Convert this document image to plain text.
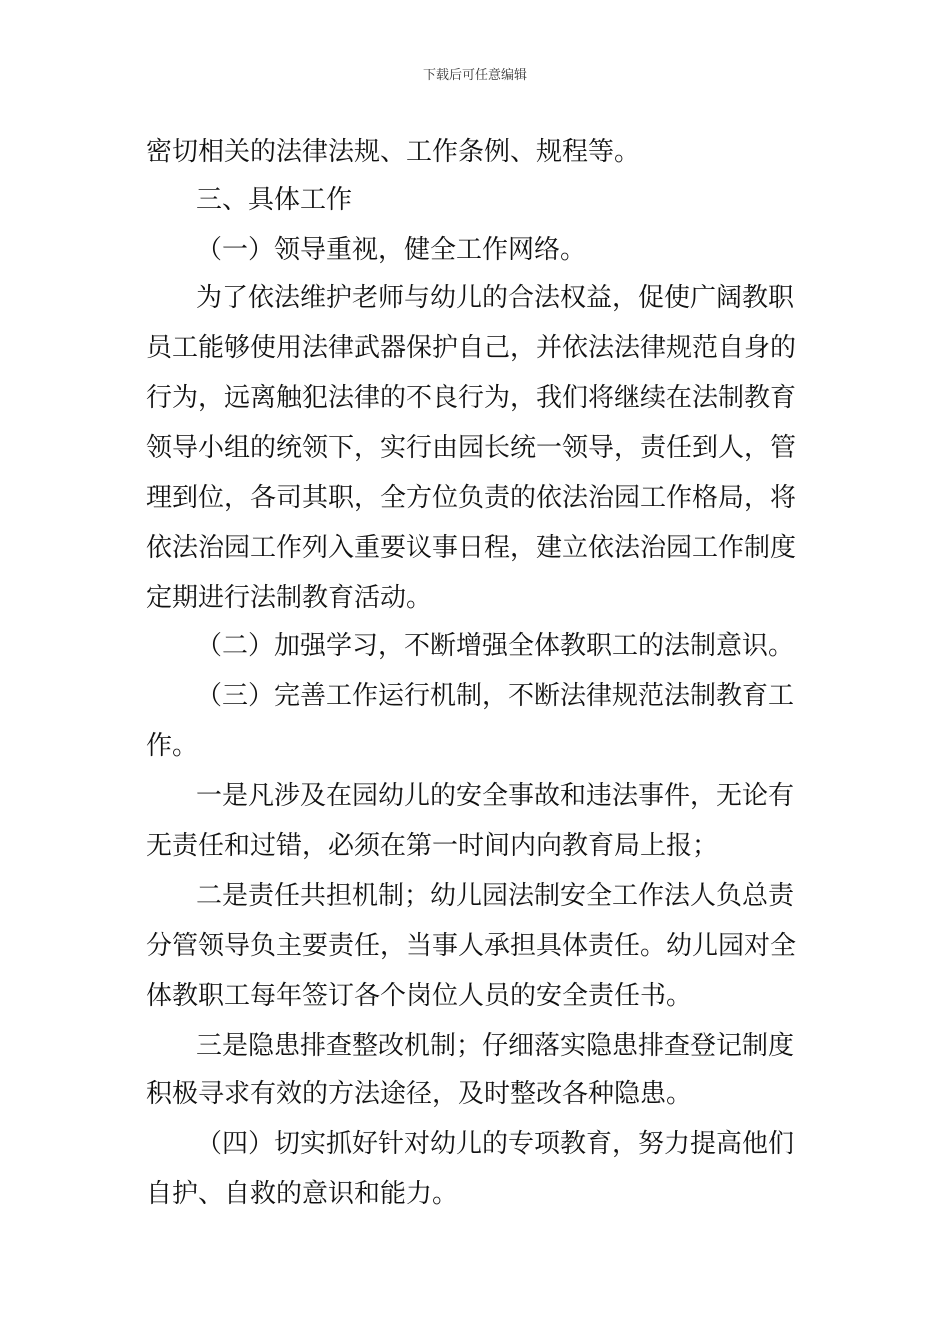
下载后可任意编辑
密切相关的法律法规、工作条例、规程等。
三、具体工作
（一）领导重视，健全工作网络。
为了依法维护老师与幼儿的合法权益，促使广阔教职
员工能够使用法律武器保护自己，并依法法律规范自身的
行为，远离触犯法律的不良行为，我们将继续在法制教育
领导小组的统领下，实行由园长统一领导，责任到人，管
理到位，各司其职，全方位负责的依法治园工作格局，将
依法治园工作列入重要议事日程，建立依法治园工作制度
定期进行法制教育活动。
（二）加强学习，不断增强全体教职工的法制意识。
（三）完善工作运行机制，不断法律规范法制教育工
作。
一是凡涉及在园幼儿的安全事故和违法事件，无论有
无责任和过错，必须在第一时间内向教育局上报；
二是责任共担机制；幼儿园法制安全工作法人负总责
分管领导负主要责任，当事人承担具体责任。幼儿园对全
体教职工每年签订各个岗位人员的安全责任书。
三是隐患排查整改机制；仔细落实隐患排查登记制度
积极寻求有效的方法途径，及时整改各种隐患。
（四）切实抓好针对幼儿的专项教育，努力提高他们
自护、自救的意识和能力。
